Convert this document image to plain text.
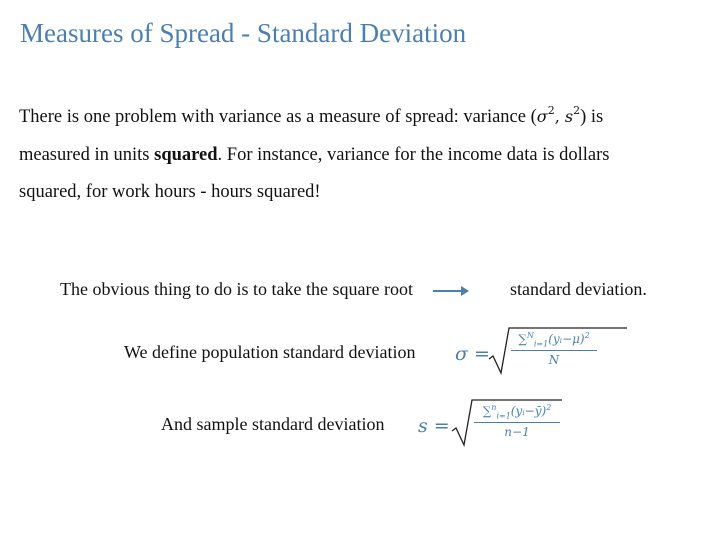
Measures of Spread - Standard Deviation
There is one problem with variance as a measure of spread: variance ($\sigma^2$, $s^2$) is
measured in units squared. For instance, variance for the income data is dollars
squared, for work hours - hours squared!
The obvious thing to do is to take the square root	standard deviation.
We define population standard deviation σ =
∑$^N_{i=1}$(yᵢ−μ)$^2$
N
And sample standard deviation s =
∑$^n_{i=1}$(yᵢ−ȳ)$^2$
n−1
